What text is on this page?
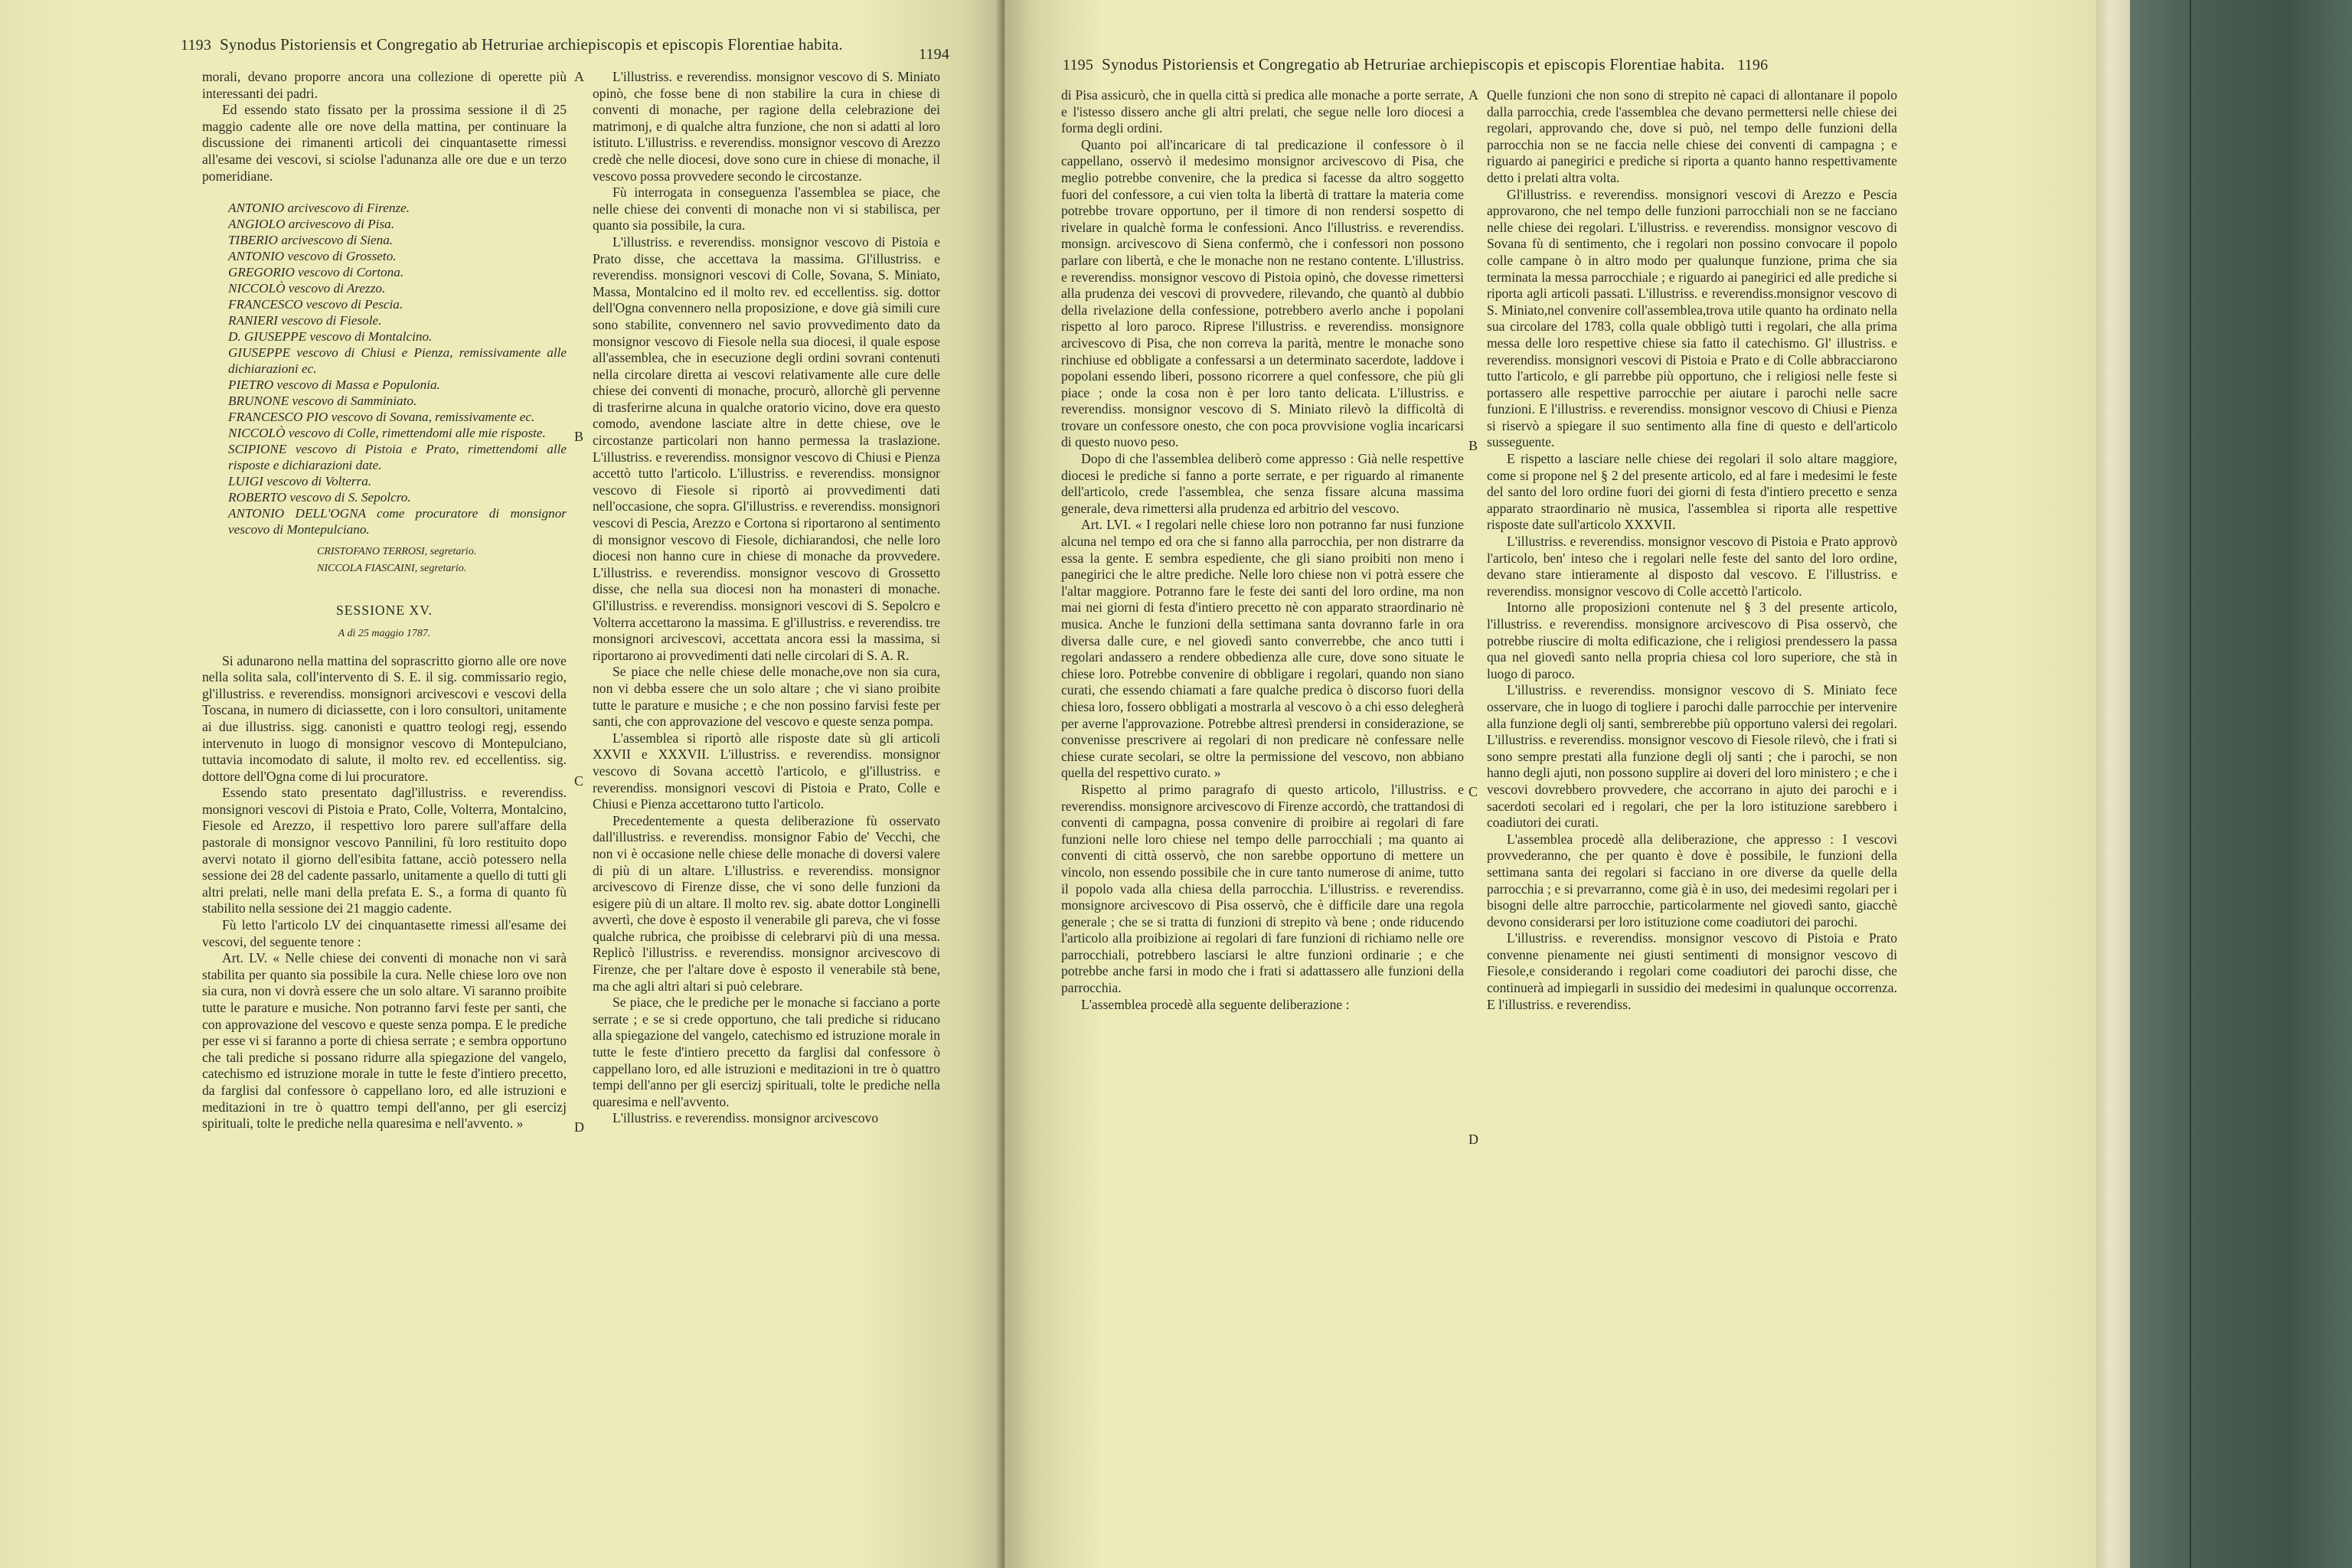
1193 Synodus Pistoriensis et Congregatio ab Hetruriae archiepiscopis et episcopis Florentiae habita.
1194

morali, devano proporre ancora una collezione di operette più interessanti dei padri.

Ed essendo stato fissato per la prossima sessione il dì 25 maggio cadente alle ore nove della mattina, per continuare la discussione dei rimanenti articoli dei cinquantasette rimessi all'esame dei vescovi, si sciolse l'adunanza alle ore due e un terzo pomeridiane.

ANTONIO arcivescovo di Firenze.

ANGIOLO arcivescovo di Pisa.

TIBERIO arcivescovo di Siena.

ANTONIO vescovo di Grosseto.

GREGORIO vescovo di Cortona.

NICCOLÒ vescovo di Arezzo.

FRANCESCO vescovo di Pescia.

RANIERI vescovo di Fiesole.

D. GIUSEPPE vescovo di Montalcino.

GIUSEPPE vescovo di Chiusi e Pienza, remissivamente alle dichiarazioni ec.

PIETRO vescovo di Massa e Populonia.

BRUNONE vescovo di Samminiato.

FRANCESCO PIO vescovo di Sovana, remissivamente ec.

NICCOLÒ vescovo di Colle, rimettendomi alle mie risposte.

SCIPIONE vescovo di Pistoia e Prato, rimettendomi alle risposte e dichiarazioni date.

LUIGI vescovo di Volterra.

ROBERTO vescovo di S. Sepolcro.

ANTONIO DELL'OGNA come procuratore di monsignor vescovo di Montepulciano.

CRISTOFANO TERROSI, segretario.
NICCOLA FIASCAINI, segretario.
SESSIONE XV.
A dì 25 maggio 1787.

Si adunarono nella mattina del soprascritto giorno alle ore nove nella solita sala, coll'intervento di S. E. il sig. commissario regio, gl'illustriss. e reverendiss. monsignori arcivescovi e vescovi della Toscana, in numero di diciassette, con i loro consultori, unitamente ai due illustriss. sigg. canonisti e quattro teologi regj, essendo intervenuto in luogo di monsignor vescovo di Montepulciano, tuttavia incomodato di salute, il molto rev. ed eccellentiss. sig. dottore dell'Ogna come di lui procuratore.

Essendo stato presentato dagl'illustriss. e reverendiss. monsignori vescovi di Pistoia e Prato, Colle, Volterra, Montalcino, Fiesole ed Arezzo, il respettivo loro parere sull'affare della pastorale di monsignor vescovo Pannilini, fù loro restituito dopo avervi notato il giorno dell'esibita fattane, acciò potessero nella sessione dei 28 del cadente passarlo, unitamente a quello di tutti gli altri prelati, nelle mani della prefata E. S., a forma di quanto fù stabilito nella sessione dei 21 maggio cadente.

Fù letto l'articolo LV dei cinquantasette rimessi all'esame dei vescovi, del seguente tenore :

Art. LV. « Nelle chiese dei conventi di monache non vi sarà stabilita per quanto sia possibile la cura. Nelle chiese loro ove non sia cura, non vi dovrà essere che un solo altare. Vi saranno proibite tutte le parature e musiche. Non potranno farvi feste per santi, che con approvazione del vescovo e queste senza pompa. E le prediche per esse vi si faranno a porte di chiesa serrate ; e sembra opportuno che tali prediche si possano ridurre alla spiegazione del vangelo, catechismo ed istruzione morale in tutte le feste d'intiero precetto, da farglisi dal confessore ò cappellano loro, ed alle istruzioni e meditazioni in tre ò quattro tempi dell'anno, per gli esercizj spirituali, tolte le prediche nella quaresima e nell'avvento. »

A
B
C
D

L'illustriss. e reverendiss. monsignor vescovo di S. Miniato opinò, che fosse bene di non stabilire la cura in chiese di conventi di monache, per ragione della celebrazione dei matrimonj, e di qualche altra funzione, che non si adatti al loro istituto. L'illustriss. e reverendiss. monsignor vescovo di Arezzo credè che nelle diocesi, dove sono cure in chiese di monache, il vescovo possa provvedere secondo le circostanze.

Fù interrogata in conseguenza l'assemblea se piace, che nelle chiese dei conventi di monache non vi si stabilisca, per quanto sia possibile, la cura.

L'illustriss. e reverendiss. monsignor vescovo di Pistoia e Prato disse, che accettava la massima. Gl'illustriss. e reverendiss. monsignori vescovi di Colle, Sovana, S. Miniato, Massa, Montalcino ed il molto rev. ed eccellentiss. sig. dottor dell'Ogna convennero nella proposizione, e dove già simili cure sono stabilite, convennero nel savio provvedimento dato da monsignor vescovo di Fiesole nella sua diocesi, il quale espose all'assemblea, che in esecuzione degli ordini sovrani contenuti nella circolare diretta ai vescovi relativamente alle cure delle chiese dei conventi di monache, procurò, allorchè gli pervenne di trasferirne alcuna in qualche oratorio vicino, dove era questo comodo, avendone lasciate altre in dette chiese, ove le circostanze particolari non hanno permessa la traslazione. L'illustriss. e reverendiss. monsignor vescovo di Chiusi e Pienza accettò tutto l'articolo. L'illustriss. e reverendiss. monsignor vescovo di Fiesole si riportò ai provvedimenti dati nell'occasione, che sopra. Gl'illustriss. e reverendiss. monsignori vescovi di Pescia, Arezzo e Cortona si riportarono al sentimento di monsignor vescovo di Fiesole, dichiarandosi, che nelle loro diocesi non hanno cure in chiese di monache da provvedere. L'illustriss. e reverendiss. monsignor vescovo di Grossetto disse, che nella sua diocesi non ha monasteri di monache. Gl'illustriss. e reverendiss. monsignori vescovi di S. Sepolcro e Volterra accettarono la massima. E gl'illustriss. e reverendiss. tre monsignori arcivescovi, accettata ancora essi la massima, si riportarono ai provvedimenti dati nelle circolari di S. A. R.

Se piace che nelle chiese delle monache,ove non sia cura, non vi debba essere che un solo altare ; che vi siano proibite tutte le parature e musiche ; e che non possino farvisi feste per santi, che con approvazione del vescovo e queste senza pompa.

L'assemblea si riportò alle risposte date sù gli articoli XXVII e XXXVII. L'illustriss. e reverendiss. monsignor vescovo di Sovana accettò l'articolo, e gl'illustriss. e reverendiss. monsignori vescovi di Pistoia e Prato, Colle e Chiusi e Pienza accettarono tutto l'articolo.

Precedentemente a questa deliberazione fù osservato dall'illustriss. e reverendiss. monsignor Fabio de' Vecchi, che non vi è occasione nelle chiese delle monache di doversi valere di più di un altare. L'illustriss. e reverendiss. monsignor arcivescovo di Firenze disse, che vi sono delle funzioni da esigere più di un altare. Il molto rev. sig. abate dottor Longinelli avvertì, che dove è esposto il venerabile gli pareva, che vi fosse qualche rubrica, che proibisse di celebrarvi più di una messa. Replicò l'illustriss. e reverendiss. monsignor arcivescovo di Firenze, che per l'altare dove è esposto il venerabile stà bene, ma che agli altri altari si può celebrare.

Se piace, che le prediche per le monache si facciano a porte serrate ; e se si crede opportuno, che tali prediche si riducano alla spiegazione del vangelo, catechismo ed istruzione morale in tutte le feste d'intiero precetto da farglisi dal confessore ò cappellano loro, ed alle istruzioni e meditazioni in tre ò quattro tempi dell'anno per gli esercizj spirituali, tolte le prediche nella quaresima e nell'avvento.

L'illustriss. e reverendiss. monsignor arcivescovo

1195 Synodus Pistoriensis et Congregatio ab Hetruriae archiepiscopis et episcopis Florentiae habita. 1196

di Pisa assicurò, che in quella città si predica alle monache a porte serrate, e l'istesso dissero anche gli altri prelati, che segue nelle loro diocesi a forma degli ordini.

Quanto poi all'incaricare di tal predicazione il confessore ò il cappellano, osservò il medesimo monsignor arcivescovo di Pisa, che meglio potrebbe convenire, che la predica si facesse da altro soggetto fuori del confessore, a cui vien tolta la libertà di trattare la materia come potrebbe trovare opportuno, per il timore di non rendersi sospetto di rivelare in qualchè forma le confessioni. Anco l'illustriss. e reverendiss. monsign. arcivescovo di Siena confermò, che i confessori non possono parlare con libertà, e che le monache non ne restano contente. L'illustriss. e reverendiss. monsignor vescovo di Pistoia opinò, che dovesse rimettersi alla prudenza dei vescovi di provvedere, rilevando, che quantò al dubbio della rivelazione della confessione, potrebbero averlo anche i popolani rispetto al loro paroco. Riprese l'illustriss. e reverendiss. monsignore arcivescovo di Pisa, che non correva la parità, mentre le monache sono rinchiuse ed obbligate a confessarsi a un determinato sacerdote, laddove i popolani essendo liberi, possono ricorrere a quel confessore, che più gli piace ; onde la cosa non è per loro tanto delicata. L'illustriss. e reverendiss. monsignor vescovo di S. Miniato rilevò la difficoltà di trovare un confessore onesto, che con poca provvisione voglia incaricarsi di questo nuovo peso.

Dopo di che l'assemblea deliberò come appresso : Già nelle respettive diocesi le prediche si fanno a porte serrate, e per riguardo al rimanente dell'articolo, crede l'assemblea, che senza fissare alcuna massima generale, deva rimettersi alla prudenza ed arbitrio del vescovo.

Art. LVI. « I regolari nelle chiese loro non potranno far nusi funzione alcuna nel tempo ed ora che si fanno alla parrocchia, per non distrarre da essa la gente. E sembra espediente, che gli siano proibiti non meno i panegirici che le altre prediche. Nelle loro chiese non vi potrà essere che l'altar maggiore. Potranno fare le feste dei santi del loro ordine, ma non mai nei giorni di festa d'intiero precetto nè con apparato straordinario nè musica. Anche le funzioni della settimana santa dovranno farle in ora diversa dalle cure, e nel giovedì santo converrebbe, che anco tutti i regolari andassero a rendere obbedienza alle cure, dove sono situate le chiese loro. Potrebbe convenire di obbligare i regolari, quando non siano curati, che essendo chiamati a fare qualche predica ò discorso fuori della chiesa loro, fossero obbligati a mostrarla al vescovo ò a chi esso delegherà per averne l'approvazione. Potrebbe altresì prendersi in considerazione, se convenisse prescrivere ai regolari di non predicare nè confessare nelle chiese curate secolari, se oltre la permissione del vescovo, non abbiano quella del respettivo curato. »

Rispetto al primo paragrafo di questo articolo, l'illustriss. e reverendiss. monsignore arcivescovo di Firenze accordò, che trattandosi di conventi di campagna, possa convenire di proibire ai regolari di fare funzioni nelle loro chiese nel tempo delle parrocchiali ; ma quanto ai conventi di città osservò, che non sarebbe opportuno di mettere un vincolo, non essendo possibile che in cure tanto numerose di anime, tutto il popolo vada alla chiesa della parrocchia. L'illustriss. e reverendiss. monsignore arcivescovo di Pisa osservò, che è difficile dare una regola generale ; che se si tratta di funzioni di strepito và bene ; onde riducendo l'articolo alla proibizione ai regolari di fare funzioni di richiamo nelle ore parrocchiali, potrebbero lasciarsi le altre funzioni ordinarie ; e che potrebbe anche farsi in modo che i frati si adattassero alle funzioni della parrocchia.

L'assemblea procedè alla seguente deliberazione :

A
B
C
D

Quelle funzioni che non sono di strepito nè capaci di allontanare il popolo dalla parrocchia, crede l'assemblea che devano permettersi nelle chiese dei regolari, approvando che, dove si può, nel tempo delle funzioni della parrocchia non se ne faccia nelle chiese dei conventi di campagna ; e riguardo ai panegirici e prediche si riporta a quanto hanno respettivamente detto i prelati altra volta.

Gl'illustriss. e reverendiss. monsignori vescovi di Arezzo e Pescia approvarono, che nel tempo delle funzioni parrocchiali non se ne facciano nelle chiese dei regolari. L'illustriss. e reverendiss. monsignor vescovo di Sovana fù di sentimento, che i regolari non possino convocare il popolo colle campane ò in altro modo per qualunque funzione, prima che sia terminata la messa parrocchiale ; e riguardo ai panegirici ed alle prediche si riporta agli articoli passati. L'illustriss. e reverendiss.monsignor vescovo di S. Miniato,nel convenire coll'assemblea,trova utile quanto ha ordinato nella sua circolare del 1783, colla quale obbligò tutti i regolari, che alla prima messa delle loro respettive chiese sia fatto il catechismo. Gl' illustriss. e reverendiss. monsignori vescovi di Pistoia e Prato e di Colle abbracciarono tutto l'articolo, e gli parrebbe più opportuno, che i religiosi nelle feste si portassero alle respettive parrocchie per aiutare i parochi nelle sacre funzioni. E l'illustriss. e reverendiss. monsignor vescovo di Chiusi e Pienza si riservò a spiegare il suo sentimento alla fine di questo e dell'articolo susseguente.

E rispetto a lasciare nelle chiese dei regolari il solo altare maggiore, come si propone nel § 2 del presente articolo, ed al fare i medesimi le feste del santo del loro ordine fuori dei giorni di festa d'intiero precetto e senza apparato straordinario nè musica, l'assemblea si riporta alle respettive risposte date sull'articolo XXXVII.

L'illustriss. e reverendiss. monsignor vescovo di Pistoia e Prato approvò l'articolo, ben' inteso che i regolari nelle feste del santo del loro ordine, devano stare intieramente al disposto dal vescovo. E l'illustriss. e reverendiss. monsignor vescovo di Colle accettò l'articolo.

Intorno alle proposizioni contenute nel § 3 del presente articolo, l'illustriss. e reverendiss. monsignore arcivescovo di Pisa osservò, che potrebbe riuscire di molta edificazione, che i religiosi prendessero la passa qua nel giovedì santo nella propria chiesa col loro superiore, che stà in luogo di paroco.

L'illustriss. e reverendiss. monsignor vescovo di S. Miniato fece osservare, che in luogo di togliere i parochi dalle parrocchie per intervenire alla funzione degli olj santi, sembrerebbe più opportuno valersi dei regolari. L'illustriss. e reverendiss. monsignor vescovo di Fiesole rilevò, che i frati si sono sempre prestati alla funzione degli olj santi ; che i parochi, se non hanno degli ajuti, non possono supplire ai doveri del loro ministero ; e che i vescovi dovrebbero provvedere, che accorrano in ajuto dei parochi e i sacerdoti secolari ed i regolari, che per la loro istituzione sarebbero i coadiutori dei curati.

L'assemblea procedè alla deliberazione, che appresso : I vescovi provvederanno, che per quanto è dove è possibile, le funzioni della settimana santa dei regolari si facciano in ore diverse da quelle della parrocchia ; e si prevarranno, come già è in uso, dei medesimi regolari per i bisogni delle altre parrocchie, particolarmente nel giovedì santo, giacchè devono considerarsi per loro istituzione come coadiutori dei parochi.

L'illustriss. e reverendiss. monsignor vescovo di Pistoia e Prato convenne pienamente nei giusti sentimenti di monsignor vescovo di Fiesole,e considerando i regolari come coadiutori dei parochi disse, che continuerà ad impiegarli in sussidio dei medesimi in qualunque occorrenza. E l'illustriss. e reverendiss.
